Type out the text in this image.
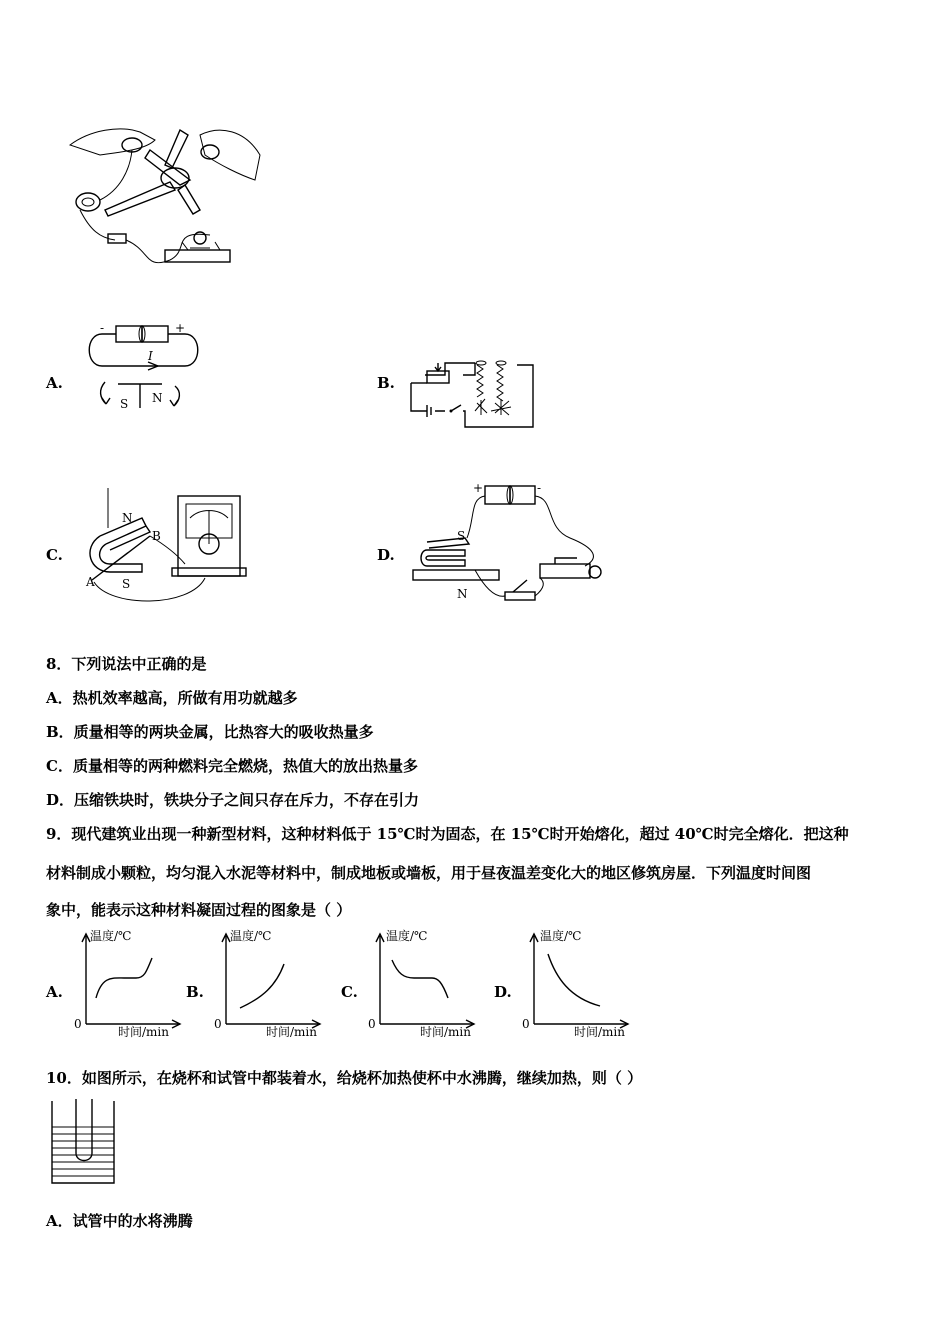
A.
-	+
I
S N
B.
C.
N
S
B
A
D.
+	-
S
N
8．下列说法中正确的是
A．热机效率越高，所做有用功就越多
B．质量相等的两块金属，比热容大的吸收热量多
C．质量相等的两种燃料完全燃烧，热值大的放出热量多
D．压缩铁块时，铁块分子之间只存在斥力，不存在引力
9．现代建筑业出现一种新型材料，这种材料低于 15℃时为固态，在 15℃时开始熔化，超过 40℃时完全熔化．把这种
材料制成小颗粒，均匀混入水泥等材料中，制成地板或墙板，用于昼夜温差变化大的地区修筑房屋．下列温度时间图
象中，能表示这种材料凝固过程的图象是（ ）
A.
温度/℃
时间/min
0
B.
温度/℃
时间/min
0
C.
温度/℃
时间/min
0
D.
温度/℃
时间/min
0
10．如图所示，在烧杯和试管中都装着水，给烧杯加热使杯中水沸腾，继续加热，则（ ）
A．试管中的水将沸腾
